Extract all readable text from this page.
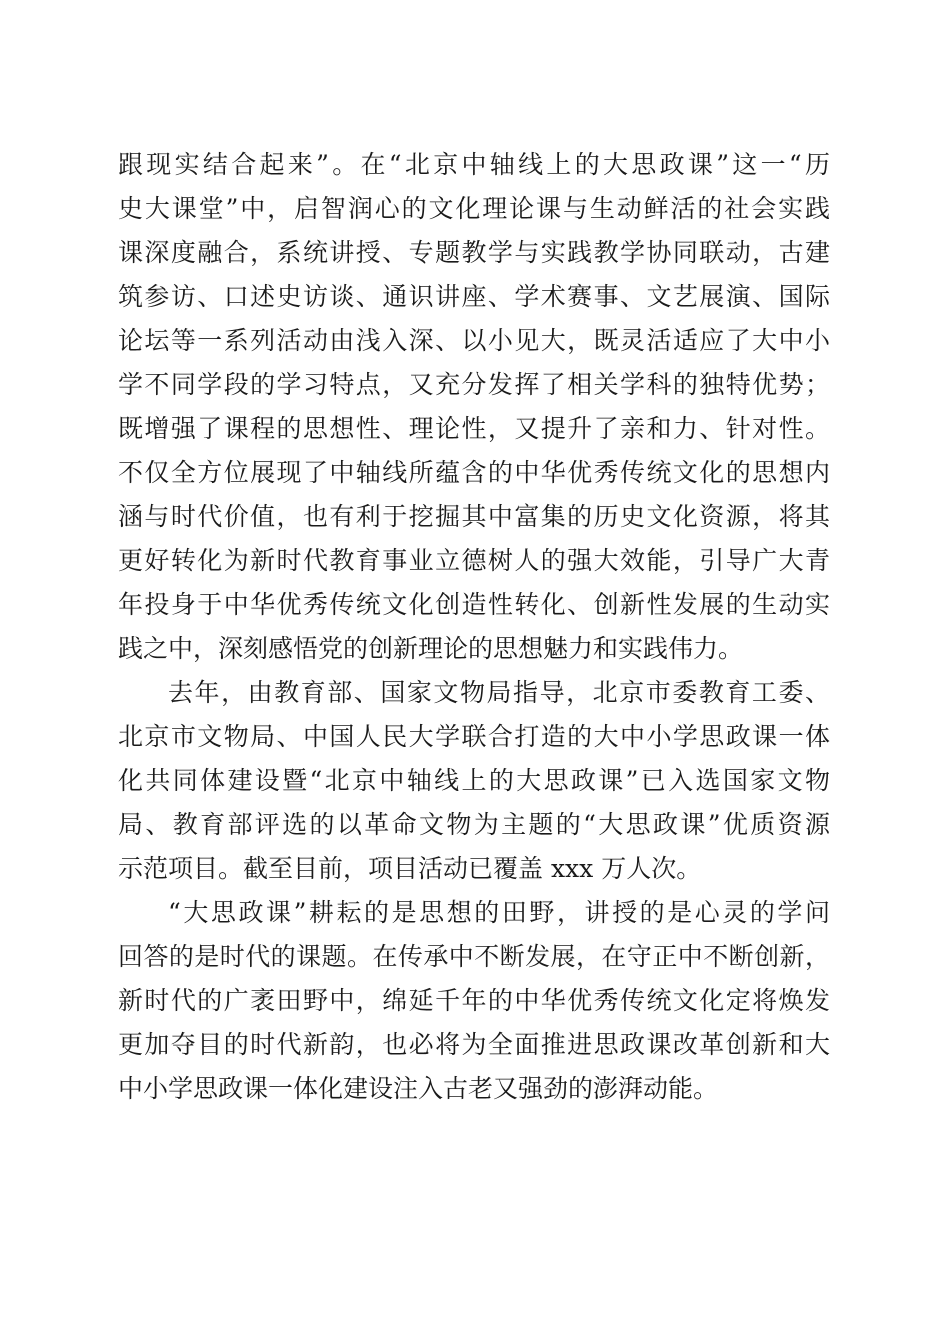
跟现实结合起来”。在“北京中轴线上的大思政课”这一“历
史大课堂”中，启智润心的文化理论课与生动鲜活的社会实践
课深度融合，系统讲授、专题教学与实践教学协同联动，古建
筑参访、口述史访谈、通识讲座、学术赛事、文艺展演、国际
论坛等一系列活动由浅入深、以小见大，既灵活适应了大中小
学不同学段的学习特点，又充分发挥了相关学科的独特优势；
既增强了课程的思想性、理论性，又提升了亲和力、针对性。
不仅全方位展现了中轴线所蕴含的中华优秀传统文化的思想内
涵与时代价值，也有利于挖掘其中富集的历史文化资源，将其
更好转化为新时代教育事业立德树人的强大效能，引导广大青
年投身于中华优秀传统文化创造性转化、创新性发展的生动实
践之中，深刻感悟党的创新理论的思想魅力和实践伟力。
去年，由教育部、国家文物局指导，北京市委教育工委、
北京市文物局、中国人民大学联合打造的大中小学思政课一体
化共同体建设暨“北京中轴线上的大思政课”已入选国家文物
局、教育部评选的以革命文物为主题的“大思政课”优质资源
示范项目。截至目前，项目活动已覆盖 xxx 万人次。
“大思政课”耕耘的是思想的田野，讲授的是心灵的学问
回答的是时代的课题。在传承中不断发展，在守正中不断创新，
新时代的广袤田野中，绵延千年的中华优秀传统文化定将焕发
更加夺目的时代新韵，也必将为全面推进思政课改革创新和大
中小学思政课一体化建设注入古老又强劲的澎湃动能。
